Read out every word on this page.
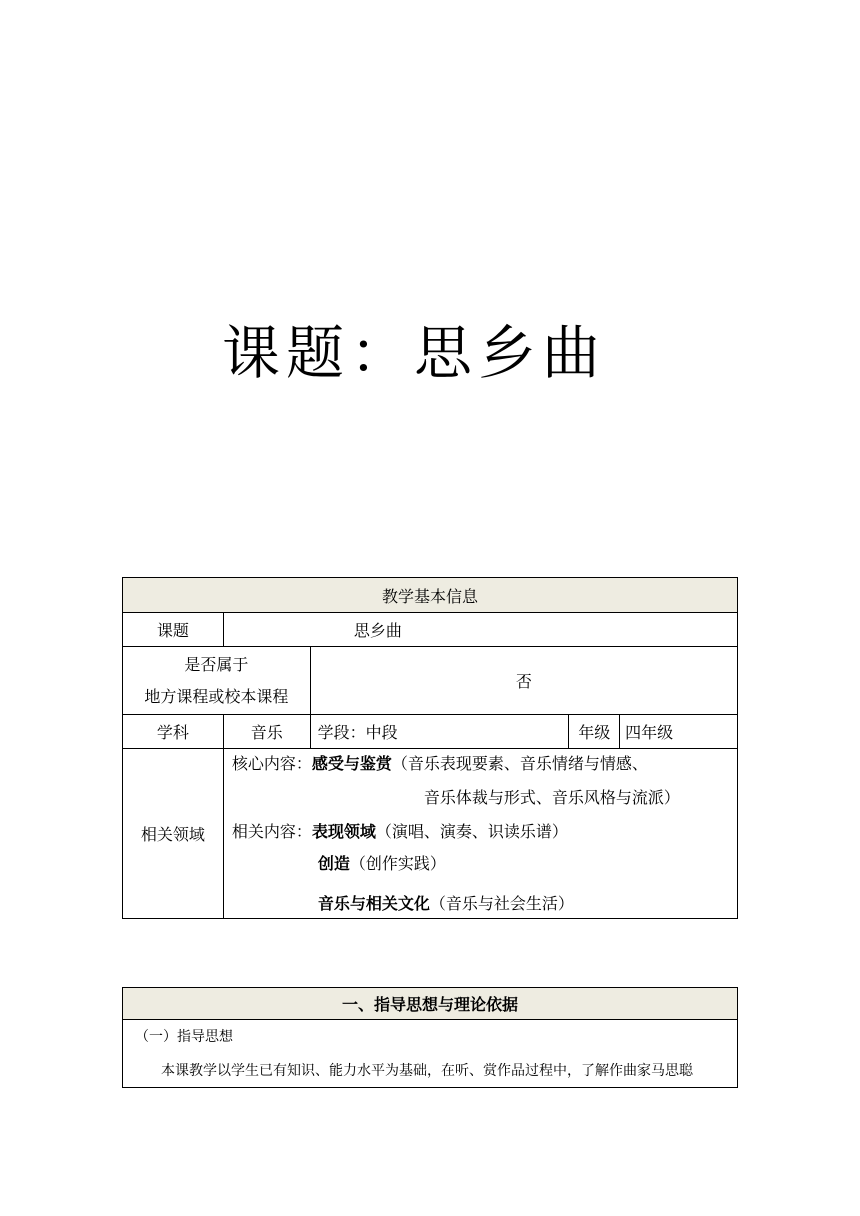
课题：思乡曲
教学基本信息				
课题	思乡曲			

是否属于
地方课程或校本课程		否		
学科	音乐	学段：中段	年级	四年级
相关领域	核心内容：感受与鉴赏（音乐表现要素、音乐情绪与情感、
音乐体裁与形式、音乐风格与流派）
相关内容：表现领域（演唱、演奏、识读乐谱）
创造（创作实践）
音乐与相关文化（音乐与社会生活）			
一、指导思想与理论依据

（一）指导思想
本课教学以学生已有知识、能力水平为基础，在听、赏作品过程中，了解作曲家马思聪
